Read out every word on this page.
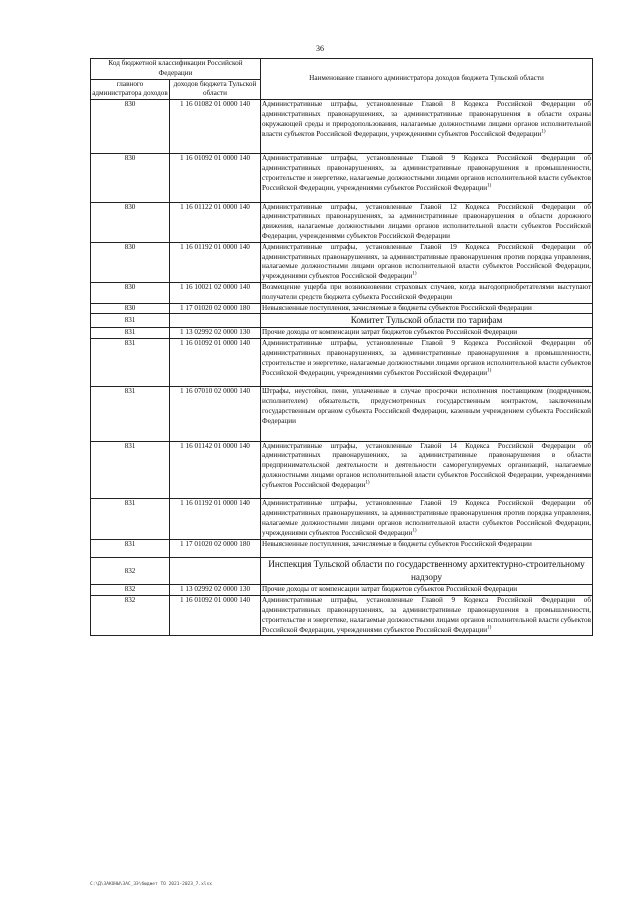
36
Код бюджетной классификации Российской Федерации		Наименование главного администратора доходов бюджета Тульской области
главного администратора доходов	доходов бюджета Тульской области	
830	1 16 01082 01 0000 140	Административные штрафы, установленные Главой 8 Кодекса Российской Федерации об административных правонарушениях, за административные правонарушения в области охраны окружающей среды и природопользования, налагаемые должностными лицами органов исполнительной власти субъектов Российской Федерации, учреждениями субъектов Российской Федерации$^{1)}$
830	1 16 01092 01 0000 140	Административные штрафы, установленные Главой 9 Кодекса Российской Федерации об административных правонарушениях, за административные правонарушения в промышленности, строительстве и энергетике, налагаемые должностными лицами органов исполнительной власти субъектов Российской Федерации, учреждениями субъектов Российской Федерации$^{1)}$
830	1 16 01122 01 0000 140	Административные штрафы, установленные Главой 12 Кодекса Российской Федерации об административных правонарушениях, за административные правонарушения в области дорожного движения, налагаемые должностными лицами органов исполнительной власти субъектов Российской Федерации, учреждениями субъектов Российской Федерации
830	1 16 01192 01 0000 140	Административные штрафы, установленные Главой 19 Кодекса Российской Федерации об административных правонарушениях, за административные правонарушения против порядка управления, налагаемые должностными лицами органов исполнительной власти субъектов Российской Федерации, учреждениями субъектов Российской Федерации$^{1)}$
830	1 16 10021 02 0000 140	Возмещение ущерба при возникновении страховых случаев, когда выгодоприобретателями выступают получатели средств бюджета субъекта Российской Федерации
830	1 17 01020 02 0000 180	Невыясненные поступления, зачисляемые в бюджеты субъектов Российской Федерации
831		Комитет Тульской области по тарифам
831	1 13 02992 02 0000 130	Прочие доходы от компенсации затрат бюджетов субъектов Российской Федерации
831	1 16 01092 01 0000 140	Административные штрафы, установленные Главой 9 Кодекса Российской Федерации об административных правонарушениях, за административные правонарушения в промышленности, строительстве и энергетике, налагаемые должностными лицами органов исполнительной власти субъектов Российской Федерации, учреждениями субъектов Российской Федерации$^{1)}$
831	1 16 07010 02 0000 140	Штрафы, неустойки, пени, уплаченные в случае просрочки исполнения поставщиком (подрядчиком, исполнителем) обязательств, предусмотренных государственным контрактом, заключенным государственным органом субъекта Российской Федерации, казенным учреждением субъекта Российской Федерации
831	1 16 01142 01 0000 140	Административные штрафы, установленные Главой 14 Кодекса Российской Федерации об административных правонарушениях, за административные правонарушения в области предпринимательской деятельности и деятельности саморегулируемых организаций, налагаемые должностными лицами органов исполнительной власти субъектов Российской Федерации, учреждениями субъектов Российской Федерации$^{1)}$
831	1 16 01192 01 0000 140	Административные штрафы, установленные Главой 19 Кодекса Российской Федерации об административных правонарушениях, за административные правонарушения против порядка управления, налагаемые должностными лицами органов исполнительной власти субъектов Российской Федерации, учреждениями субъектов Российской Федерации$^{1)}$
831	1 17 01020 02 0000 180	Невыясненные поступления, зачисляемые в бюджеты субъектов Российской Федерации
832		Инспекция Тульской области по государственному архитектурно-строительному надзору
832	1 13 02992 02 0000 130	Прочие доходы от компенсации затрат бюджетов субъектов Российской Федерации
832	1 16 01092 01 0000 140	Административные штрафы, установленные Главой 9 Кодекса Российской Федерации об административных правонарушениях, за административные правонарушения в промышленности, строительстве и энергетике, налагаемые должностными лицами органов исполнительной власти субъектов Российской Федерации, учреждениями субъектов Российской Федерации$^{1)}$
C:\Д\ЗАКОНЫ\ЗАС_ЗЭ\бюджет ТО 2021-2023_7.xlsx
